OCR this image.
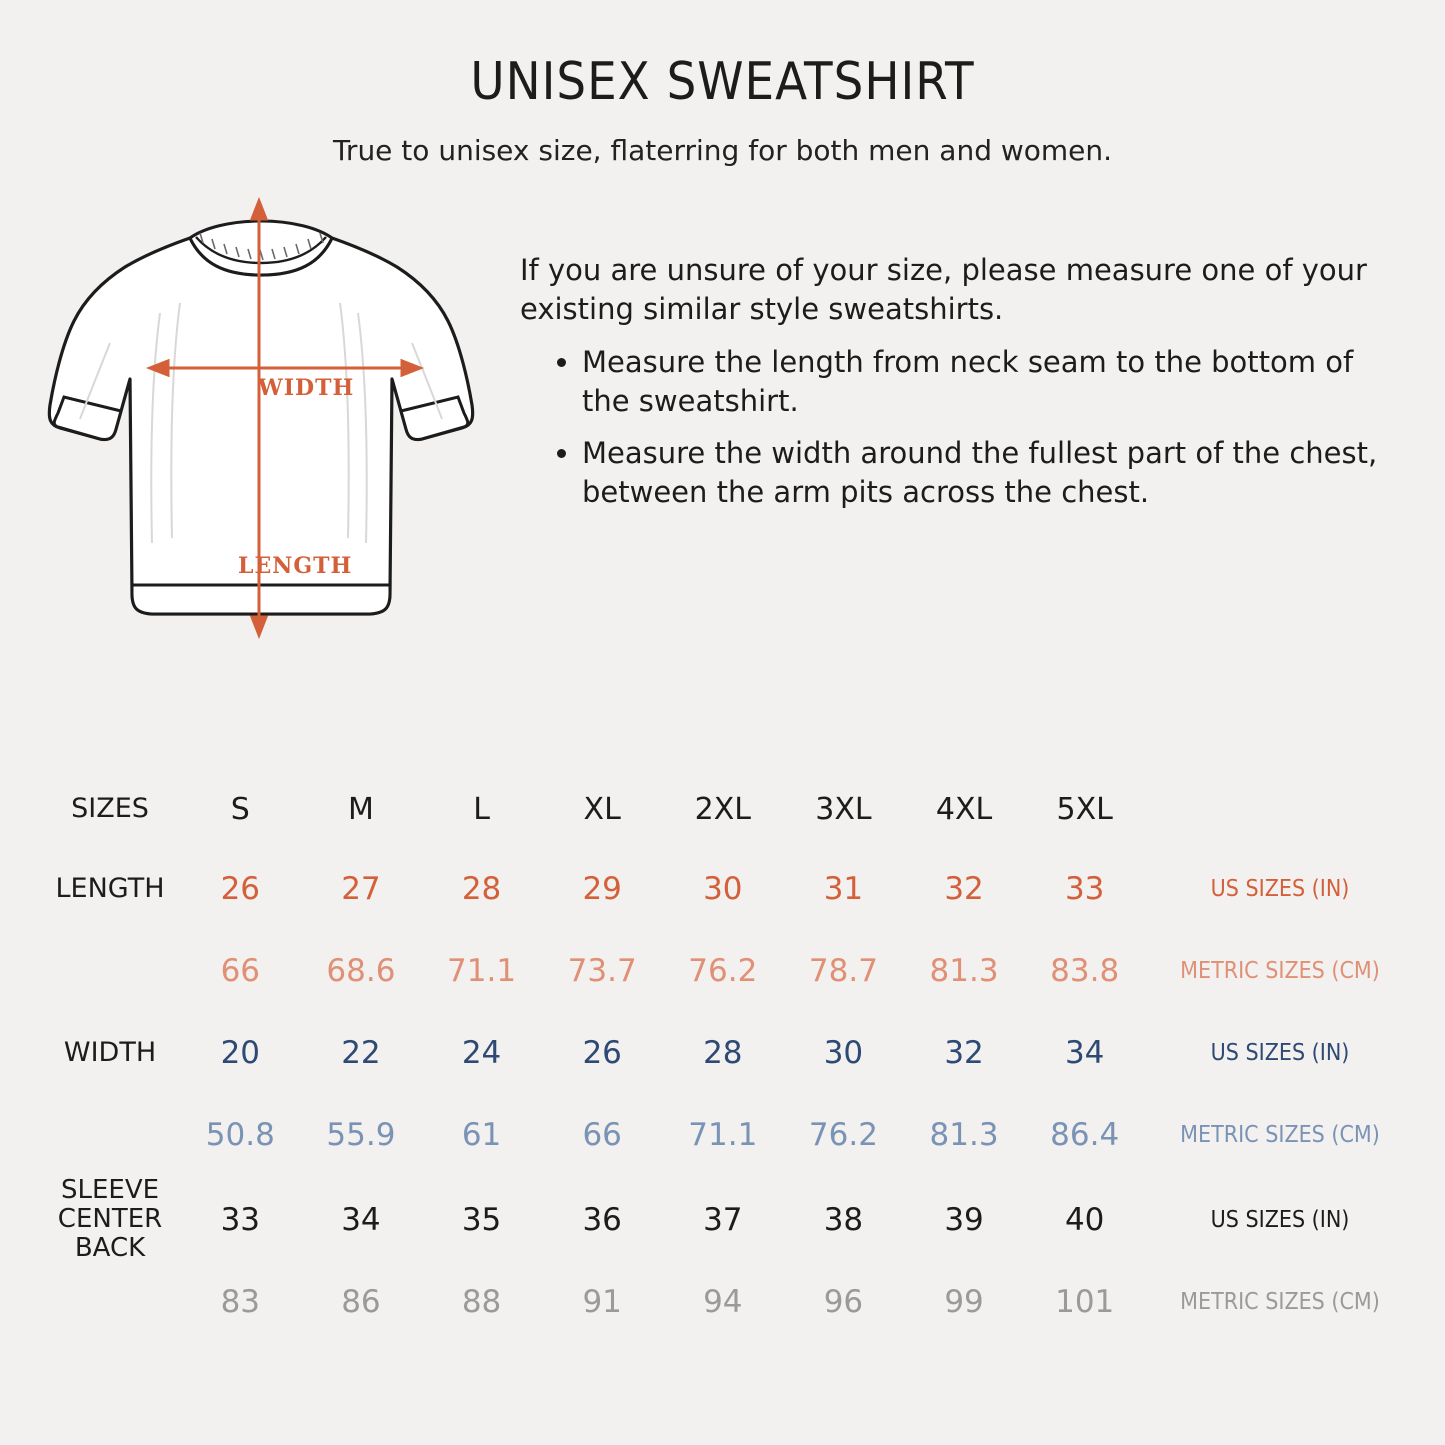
UNISEX SWEATSHIRT
True to unisex size, flaterring for both men and women.
WIDTH
LENGTH

If you are unsure of your size, please measure one of your existing similar style sweatshirts.

• Measure the length from neck seam to the bottom of the sweatshirt.
• Measure the width around the fullest part of the chest, between the arm pits across the chest.
SIZES	S	M	L	XL	2XL	3XL	4XL	5XL	
LENGTH	26	27	28	29	30	31	32	33	US SIZES (IN)
	66	68.6	71.1	73.7	76.2	78.7	81.3	83.8	METRIC SIZES (CM)
WIDTH	20	22	24	26	28	30	32	34	US SIZES (IN)
	50.8	55.9	61	66	71.1	76.2	81.3	86.4	METRIC SIZES (CM)
SLEEVE
CENTER
BACK	33	34	35	36	37	38	39	40	US SIZES (IN)
	83	86	88	91	94	96	99	101	METRIC SIZES (CM)
